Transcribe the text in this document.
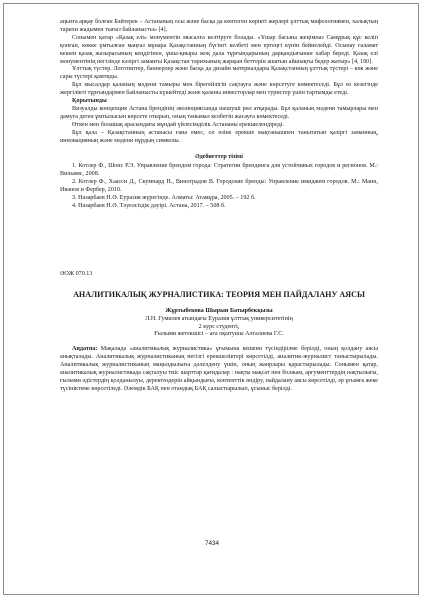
аңызға арқау болған Бәйтерек – Астананың осы және басқа да көптеген көрікті жерлері ұлттық мифологиямен, халықтың тарихи жадымен тығыз байланысты» [4].

Сонымен қатар «Қазақ елі» монументін мысалға келтіруге болады. «Ұшар басына жеңімпаз Самұрық құс келіп қонған, көкке ұмтылған маңғаз мұнара Қазақстанның бүгінгі келбеті мен ертеңгі күнін бейнелейді. Осынау ғаламат кешен қазақ жазырасының кеңдігінен, ұшы-қиыры жоқ дала тұрғындарының дарқандығынан хабар береді. Қазақ елі монументінің негізінде кәзіргі заманғы Қазақстан тарихының жарқын беттерін ашатын айшықты бедер жатыр» [4, 190].

Ұлттық түстер. Логотиптер, баннерлер және басқа да дизайн материалдары Қазақстанның ұлттық түстері – көк және сары түстері қамтиды.

Бұл мысалдар қаланың мәдени тамыры мен бірегейлігін сақтауға және көрсетуге көмектеседі. Бұл өз кезегінде жергілікті тұрғындармен байланысты күшейтеді және қаланы инвесторлар мен туристер үшін тартымды етеді.

Қорытынды

Визуалды концепция Астана брендінің эволюциясында шешуші рөл атқарады. Бұл қаланың мәдени тамырлары мен дамуға деген ұмтылысын көрсете отырып, оның танымал келбетін жасауға көмектеседі.

Өткен мен болашақ арасындағы мұндай үйлесімділік Астананы ерекшелендіреді.

Бұл қала – Қазақстанның астанасы ғана емес, ол өзіне ерекше мақтанышпен танытатын қазіргі заманның, инновацияның және мәдени нұрдың символы.

Әдебиеттер тізімі

1. Котлер Ф., Шонс Р.Э. Управление брендом города: Стратегии брендинга для устойчивых городов и регионов. М.: Вильямс, 2008.

2. Котлер Ф., Хаасси Д., Скумпард Н., Виноградов В. Городские бренды: Управление имиджем городов. М.: Манн, Иванов и Фербер, 2010.

3. Назарбаев Н.Ә. Еуразия жүрегінде. Алматы: Атамұра, 2005. – 192 б.

4. Назарбаев Н.Ә. Тәуелсіздік дәуірі. Астана, 2017. – 508 б.

ӘОЖ 070.13

АНАЛИТИКАЛЫҚ ЖУРНАЛИСТИКА: ТЕОРИЯ МЕН ПАЙДАЛАНУ АЯСЫ

Жұртыбекова Шырын Батырбекқызы

Л.Н. Гумилев атындағы Еуразия ұлттық университетінің

2 курс студенті,

Ғылыми жетекшісі – аға оқытушы Алгалиева Г.С.

Аңдатпа: Мақалада «аналитикалық журналистика» ұғымына кешенн түсіндірілме берілді, оның қолдану аясы анықталады. Аналитикалық журналистиканың негізгі ерекшеліктері көрсетілді, аналитик-журналист таныстырылады. Аналитикалық журналистиканың маңыздылығы дәлелдену үшін, оның жанрлары қарастырылады. Сонымен қатар, аналитикалық журналистикада сақталуы тиіс шарттар қағидалар : нақты мақсат пен болжам, аргументтердің нақтылығы, ғылыми әдістердің қолданылуы, деректөздерін айқындығы, контенттік өндіру, пайдалану аясы көрсетілді, әр ұғымға жеке түсініктеме көрсетіледі. Әлемдік БАҚ пен отандық БАҚ салыстырылып, ұсыныс берілді.

7434
